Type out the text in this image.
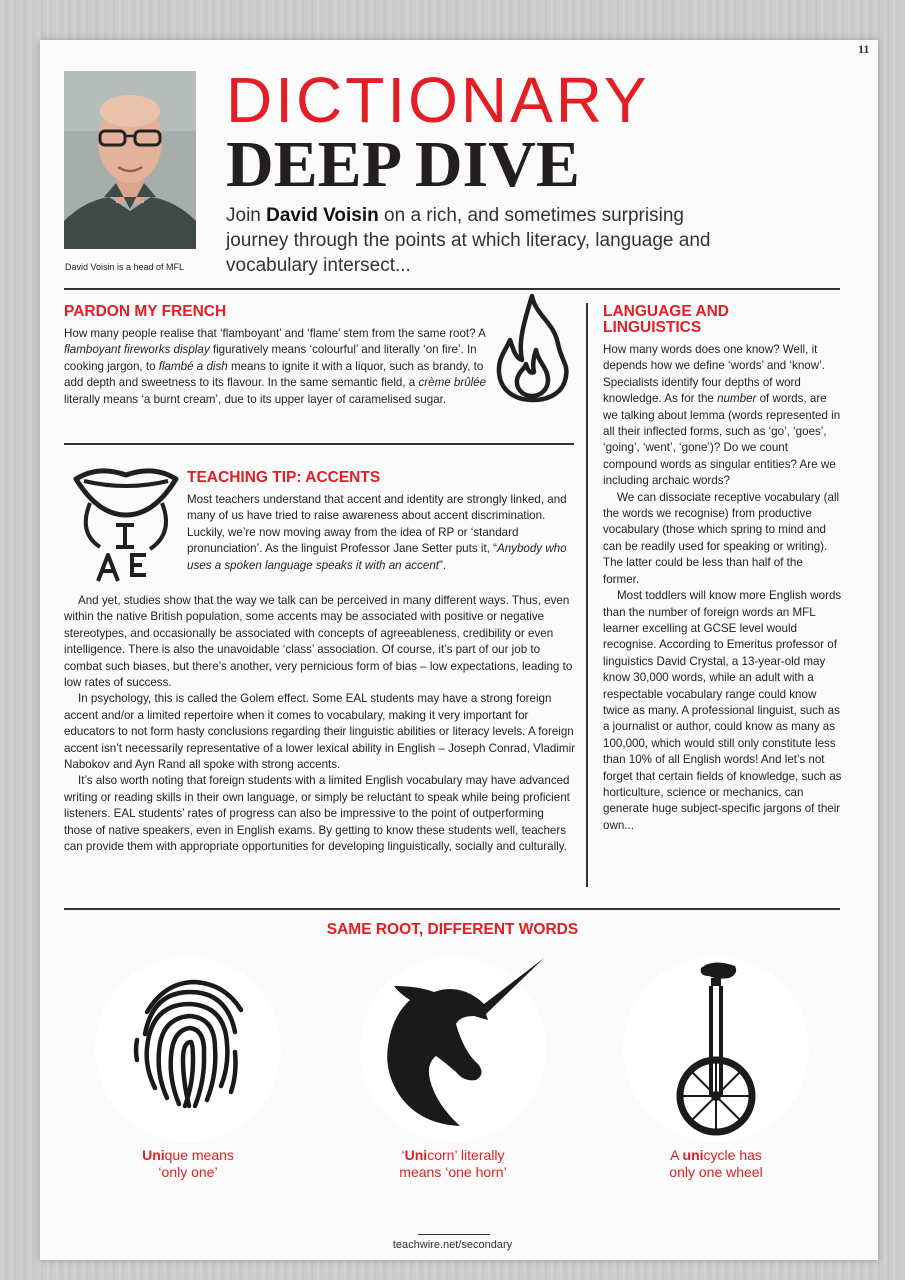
11
David Voisin is a head of MFL
DICTIONARY
DEEP DIVE
Join David Voisin on a rich, and sometimes surprising journey through the points at which literacy, language and vocabulary intersect...
PARDON MY FRENCH
How many people realise that ‘flamboyant’ and ‘flame’ stem from the same root? A flamboyant fireworks display figuratively means ‘colourful’ and literally ‘on fire’. In cooking jargon, to flambé a dish means to ignite it with a liquor, such as brandy, to add depth and sweetness to its flavour. In the same semantic field, a crème brûlée literally means ‘a burnt cream’, due to its upper layer of caramelised sugar.
TEACHING TIP: ACCENTS
Most teachers understand that accent and identity are strongly linked, and many of us have tried to raise awareness about accent discrimination. Luckily, we’re now moving away from the idea of RP or ‘standard pronunciation’. As the linguist Professor Jane Setter puts it, “Anybody who uses a spoken language speaks it with an accent”.

And yet, studies show that the way we talk can be perceived in many different ways. Thus, even within the native British population, some accents may be associated with positive or negative stereotypes, and occasionally be associated with concepts of agreeableness, credibility or even intelligence. There is also the unavoidable ‘class’ association. Of course, it’s part of our job to combat such biases, but there’s another, very pernicious form of bias – low expectations, leading to low rates of success.

In psychology, this is called the Golem effect. Some EAL students may have a strong foreign accent and/or a limited repertoire when it comes to vocabulary, making it very important for educators to not form hasty conclusions regarding their linguistic abilities or literacy levels. A foreign accent isn’t necessarily representative of a lower lexical ability in English – Joseph Conrad, Vladimir Nabokov and Ayn Rand all spoke with strong accents.

It’s also worth noting that foreign students with a limited English vocabulary may have advanced writing or reading skills in their own language, or simply be reluctant to speak while being proficient listeners. EAL students’ rates of progress can also be impressive to the point of outperforming those of native speakers, even in English exams. By getting to know these students well, teachers can provide them with appropriate opportunities for developing linguistically, socially and culturally.

LANGUAGE AND
LINGUISTICS

How many words does one know? Well, it depends how we define ‘words’ and ‘know’. Specialists identify four depths of word knowledge. As for the number of words, are we talking about lemma (words represented in all their inflected forms, such as ‘go’, ‘goes’, ‘going’, ‘went’, ‘gone’)? Do we count compound words as singular entities? Are we including archaic words?

We can dissociate receptive vocabulary (all the words we recognise) from productive vocabulary (those which spring to mind and can be readily used for speaking or writing). The latter could be less than half of the former.

Most toddlers will know more English words than the number of foreign words an MFL learner excelling at GCSE level would recognise. According to Emeritus professor of linguistics David Crystal, a 13-year-old may know 30,000 words, while an adult with a respectable vocabulary range could know twice as many. A professional linguist, such as a journalist or author, could know as many as 100,000, which would still only constitute less than 10% of all English words! And let’s not forget that certain fields of knowledge, such as horticulture, science or mechanics, can generate huge subject-specific jargons of their own...

SAME ROOT, DIFFERENT WORDS
Unique means
‘only one’
‘Unicorn’ literally
means ‘one horn’
A unicycle has
only one wheel
teachwire.net/secondary
